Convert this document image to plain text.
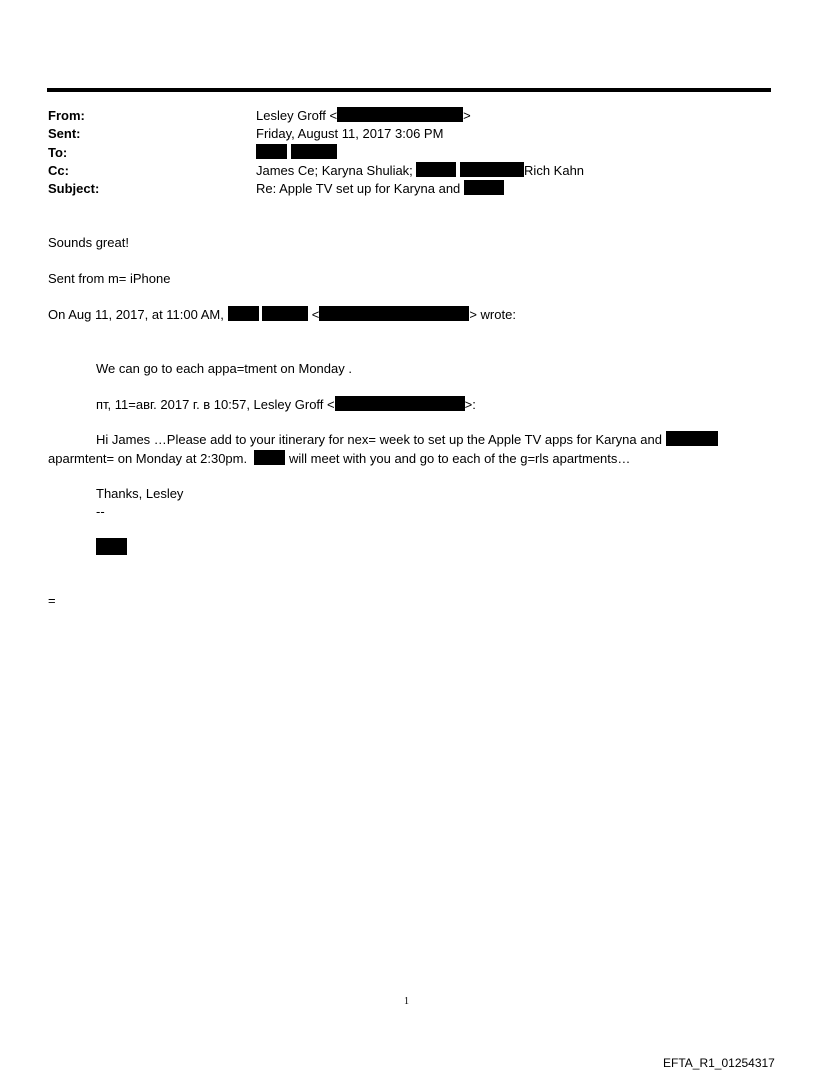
From:	Lesley Groff <	>
Sent:	Friday, August 11, 2017 3:06 PM
To:

Cc:	James Ce; Karyna Shuliak;	Rich Kahn
Subject:	Re: Apple TV set up for Karyna and
Sounds great!
Sent from m= iPhone
On Aug 11, 2017, at 11:00 AM,	<	> wrote:
We can go to each appa=tment on Monday .
пт, 11=авг. 2017 г. в 10:57, Lesley Groff <	>:
Hi James …Please add to your itinerary for nex= week to set up the Apple TV apps for Karyna and
aparmtent= on Monday at 2:30pm.	will meet with you and go to each of the g=rls apartments…
Thanks, Lesley
--
=
1
EFTA_R1_01254317
